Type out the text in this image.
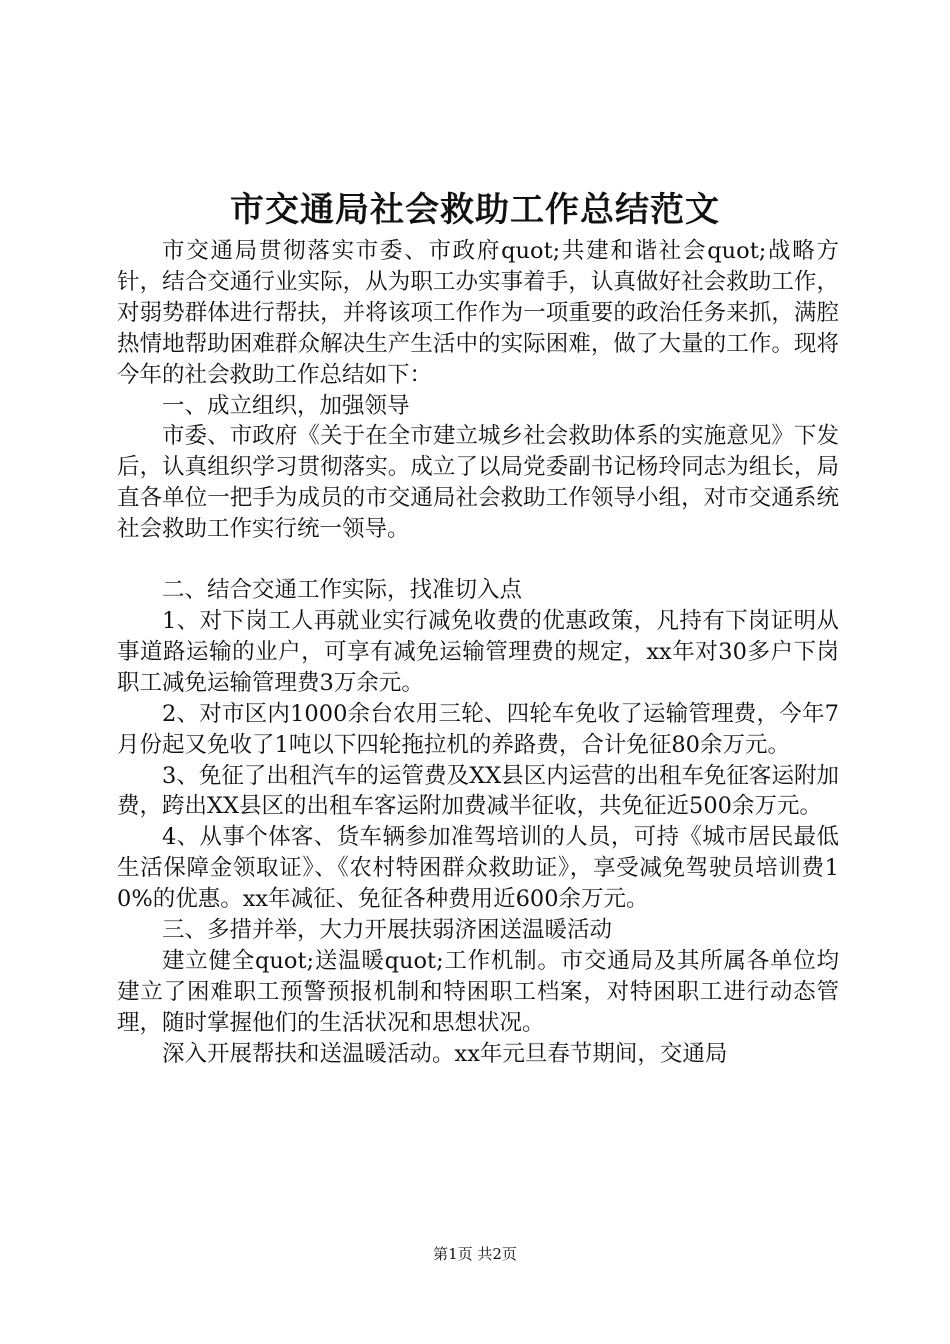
市交通局社会救助工作总结范文

市交通局贯彻落实市委、市政府quot;共建和谐社会quot;战略方针，结合交通行业实际，从为职工办实事着手，认真做好社会救助工作，对弱势群体进行帮扶，并将该项工作作为一项重要的政治任务来抓，满腔热情地帮助困难群众解决生产生活中的实际困难，做了大量的工作。现将今年的社会救助工作总结如下：

一、成立组织，加强领导

市委、市政府《关于在全市建立城乡社会救助体系的实施意见》下发后，认真组织学习贯彻落实。成立了以局党委副书记杨玲同志为组长，局直各单位一把手为成员的市交通局社会救助工作领导小组，对市交通系统社会救助工作实行统一领导。

二、结合交通工作实际，找准切入点

1、对下岗工人再就业实行减免收费的优惠政策，凡持有下岗证明从事道路运输的业户，可享有减免运输管理费的规定，xx年对30多户下岗职工减免运输管理费3万余元。

2、对市区内1000余台农用三轮、四轮车免收了运输管理费，今年7月份起又免收了1吨以下四轮拖拉机的养路费，合计免征80余万元。

3、免征了出租汽车的运管费及XX县区内运营的出租车免征客运附加费，跨出XX县区的出租车客运附加费减半征收，共免征近500余万元。

4、从事个体客、货车辆参加准驾培训的人员，可持《城市居民最低生活保障金领取证》、《农村特困群众救助证》，享受减免驾驶员培训费10%的优惠。xx年减征、免征各种费用近600余万元。

三、多措并举，大力开展扶弱济困送温暖活动

建立健全quot;送温暖quot;工作机制。市交通局及其所属各单位均建立了困难职工预警预报机制和特困职工档案，对特困职工进行动态管理，随时掌握他们的生活状况和思想状况。

深入开展帮扶和送温暖活动。xx年元旦春节期间，交通局

第1页 共2页
